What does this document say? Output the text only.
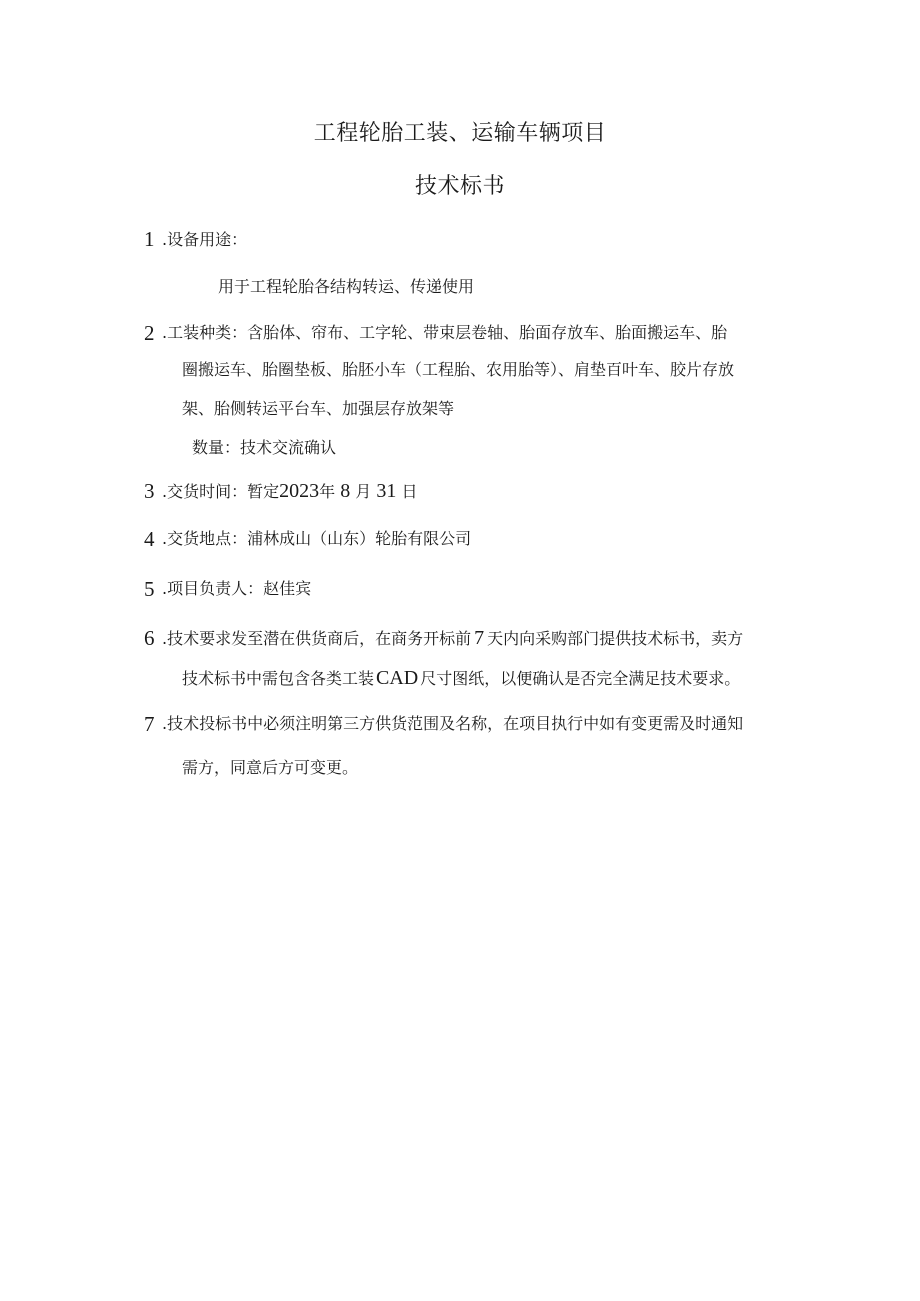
工程轮胎工装、运输车辆项目
技术标书
1 .设备用途：
用于工程轮胎各结构转运、传递使用
2 .工装种类：含胎体、帘布、工字轮、带束层卷轴、胎面存放车、胎面搬运车、胎
圈搬运车、胎圈垫板、胎胚小车（工程胎、农用胎等）、肩垫百叶车、胶片存放
架、胎侧转运平台车、加强层存放架等
数量：技术交流确认
3 .交货时间：暂定2023年 8 月 31 日
4 .交货地点：浦林成山（山东）轮胎有限公司
5 .项目负责人：赵佳宾
6 .技术要求发至潜在供货商后，在商务开标前 7 天内向采购部门提供技术标书，卖方
技术标书中需包含各类工装 CAD 尺寸图纸，以便确认是否完全满足技术要求。
7 .技术投标书中必须注明第三方供货范围及名称，在项目执行中如有变更需及时通知
需方，同意后方可变更。
